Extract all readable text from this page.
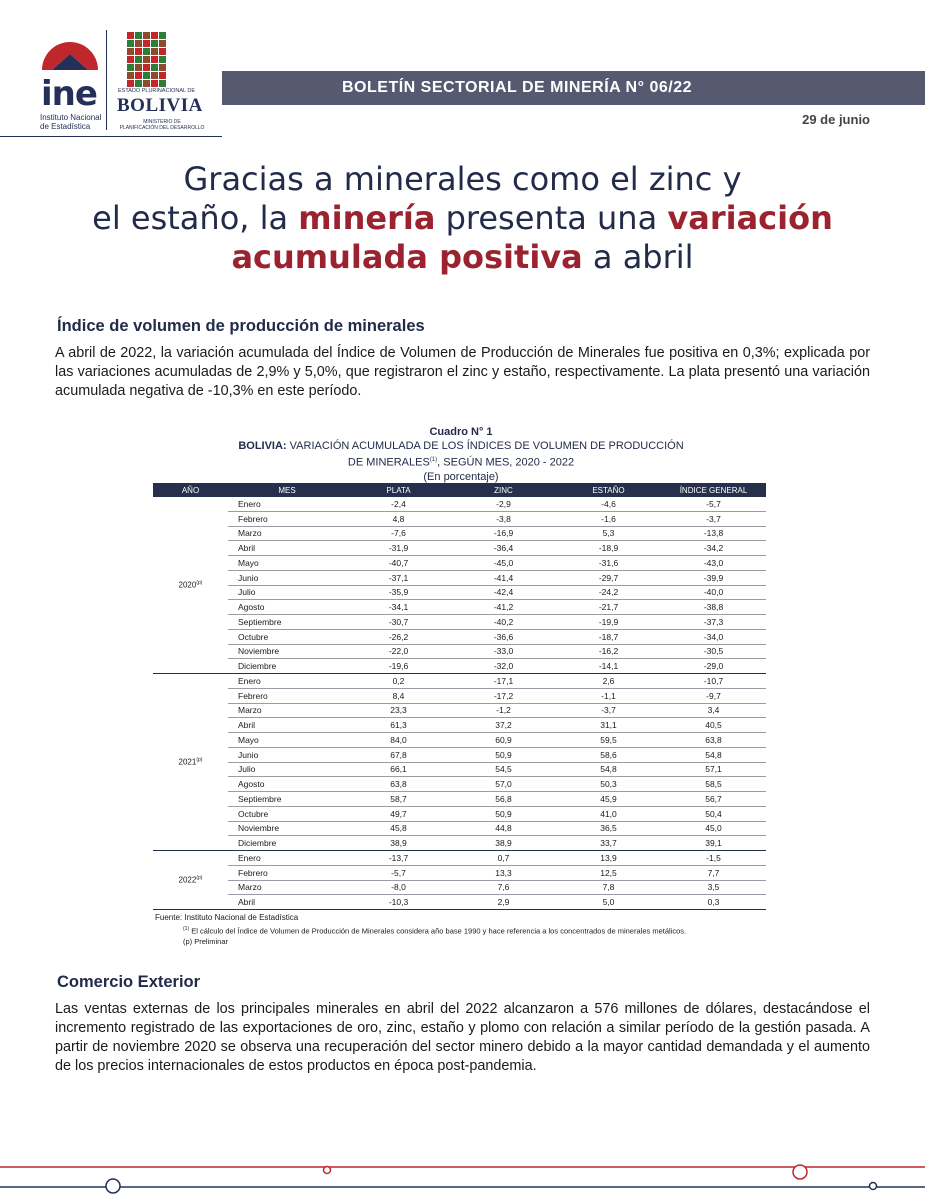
ine
Instituto Nacional
de Estadística
ESTADO PLURINACIONAL DE
BOLIVIA
MINISTERIO DE
PLANIFICACIÓN DEL DESARROLLO
BOLETÍN SECTORIAL DE MINERÍA N° 06/22
29 de junio
Gracias a minerales como el zinc y
el estaño, la minería presenta una variación
acumulada positiva a abril
Índice de volumen de producción de minerales
A abril de 2022, la variación acumulada del Índice de Volumen de Producción de Minerales fue positiva en 0,3%; explicada por las variaciones acumuladas de 2,9% y 5,0%, que registraron el zinc y estaño, respectivamente. La plata presentó una variación acumulada negativa de -10,3% en este período.
Cuadro N° 1
BOLIVIA: VARIACIÓN ACUMULADA DE LOS ÍNDICES DE VOLUMEN DE PRODUCCIÓN
DE MINERALES$^{(1)}$, SEGÚN MES, 2020 - 2022
(En porcentaje)
AÑO	MES	PLATA	ZINC	ESTAÑO	ÍNDICE GENERAL
2020$^{(p)}$	Enero	-2,4	-2,9	-4,6	-5,7
	Febrero	4,8	-3,8	-1,6	-3,7
	Marzo	-7,6	-16,9	5,3	-13,8
	Abril	-31,9	-36,4	-18,9	-34,2
	Mayo	-40,7	-45,0	-31,6	-43,0
	Junio	-37,1	-41,4	-29,7	-39,9
	Julio	-35,9	-42,4	-24,2	-40,0
	Agosto	-34,1	-41,2	-21,7	-38,8
	Septiembre	-30,7	-40,2	-19,9	-37,3
	Octubre	-26,2	-36,6	-18,7	-34,0
	Noviembre	-22,0	-33,0	-16,2	-30,5
	Diciembre	-19,6	-32,0	-14,1	-29,0
2021$^{(p)}$	Enero	0,2	-17,1	2,6	-10,7
	Febrero	8,4	-17,2	-1,1	-9,7
	Marzo	23,3	-1,2	-3,7	3,4
	Abril	61,3	37,2	31,1	40,5
	Mayo	84,0	60,9	59,5	63,8
	Junio	67,8	50,9	58,6	54,8
	Julio	66,1	54,5	54,8	57,1
	Agosto	63,8	57,0	50,3	58,5
	Septiembre	58,7	56,8	45,9	56,7
	Octubre	49,7	50,9	41,0	50,4
	Noviembre	45,8	44,8	36,5	45,0
	Diciembre	38,9	38,9	33,7	39,1
2022$^{(p)}$	Enero	-13,7	0,7	13,9	-1,5
	Febrero	-5,7	13,3	12,5	7,7
	Marzo	-8,0	7,6	7,8	3,5
	Abril	-10,3	2,9	5,0	0,3
Fuente: Instituto Nacional de Estadística
$^{(1)}$ El cálculo del Índice de Volumen de Producción de Minerales considera año base 1990 y hace referencia a los concentrados de minerales metálicos.
(p) Preliminar
Comercio Exterior
Las ventas externas de los principales minerales en abril del 2022 alcanzaron a 576 millones de dólares, destacándose el incremento registrado de las exportaciones de oro, zinc, estaño y plomo con relación a similar período de la gestión pasada. A partir de noviembre 2020 se observa una recuperación del sector minero debido a la mayor cantidad demandada y el aumento de los precios internacionales de estos productos en época post-pandemia.
